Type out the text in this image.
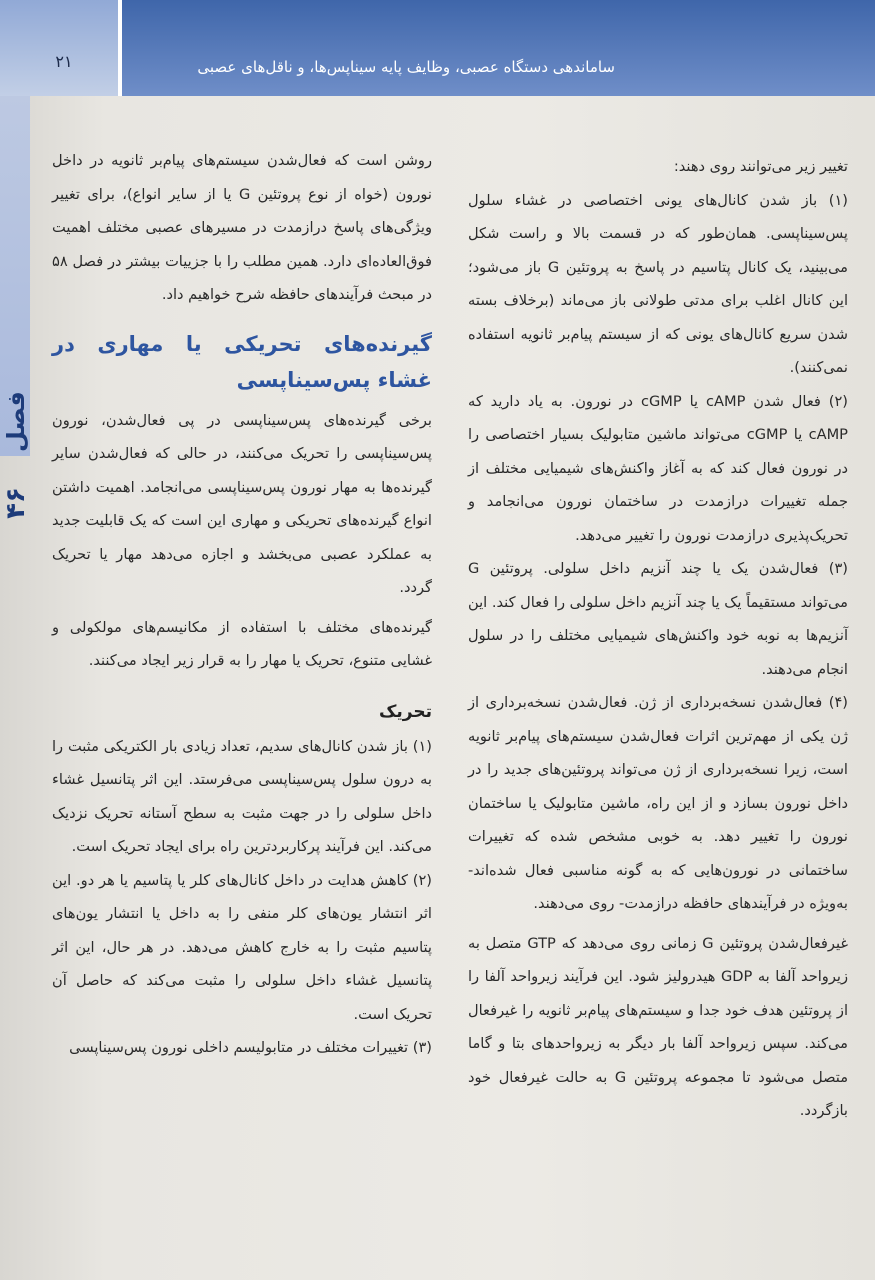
۲۱	ساماندهی دستگاه عصبی، وظایف پایه سیناپس‌ها، و ناقل‌های عصبی
فصل
۴۶

تغییر زیر می‌توانند روی دهند:

(۱) باز شدن کانال‌های یونی اختصاصی در غشاء سلول پس‌سیناپسی. همان‌طور که در قسمت بالا و راست شکل می‌بینید، یک کانال پتاسیم در پاسخ به پروتئین G باز می‌شود؛ این کانال اغلب برای مدتی طولانی باز می‌ماند (برخلاف بسته شدن سریع کانال‌های یونی که از سیستم پیام‌بر ثانویه استفاده نمی‌کنند).

(۲) فعال شدن cAMP یا cGMP در نورون. به یاد دارید که cAMP یا cGMP می‌تواند ماشین متابولیک بسیار اختصاصی را در نورون فعال کند که به آغاز واکنش‌های شیمیایی مختلف از جمله تغییرات درازمدت در ساختمان نورون می‌انجامد و تحریک‌پذیری درازمدت نورون را تغییر می‌دهد.

(۳) فعال‌شدن یک یا چند آنزیم داخل سلولی. پروتئین G می‌تواند مستقیماً یک یا چند آنزیم داخل سلولی را فعال کند. این آنزیم‌ها به نوبه خود واکنش‌های شیمیایی مختلف را در سلول انجام می‌دهند.

(۴) فعال‌شدن نسخه‌برداری از ژن. فعال‌شدن نسخه‌برداری از ژن یکی از مهم‌ترین اثرات فعال‌شدن سیستم‌های پیام‌بر ثانویه است، زیرا نسخه‌برداری از ژن می‌تواند پروتئین‌های جدید را در داخل نورون بسازد و از این راه، ماشین متابولیک یا ساختمان نورون را تغییر دهد. به خوبی مشخص شده که تغییرات ساختمانی در نورون‌هایی که به گونه مناسبی فعال شده‌اند- به‌ویژه در فرآیندهای حافظه درازمدت- روی می‌دهند.

غیرفعال‌شدن پروتئین G زمانی روی می‌دهد که GTP متصل به زیرواحد آلفا به GDP هیدرولیز شود. این فرآیند زیرواحد آلفا را از پروتئین هدف خود جدا و سیستم‌های پیام‌بر ثانویه را غیرفعال می‌کند. سپس زیرواحد آلفا بار دیگر به زیرواحدهای بتا و گاما متصل می‌شود تا مجموعه پروتئین G به حالت غیرفعال خود بازگردد.

روشن است که فعال‌شدن سیستم‌های پیام‌بر ثانویه در داخل نورون (خواه از نوع پروتئین G یا از سایر انواع)، برای تغییر ویژگی‌های پاسخ درازمدت در مسیرهای عصبی مختلف اهمیت فوق‌العاده‌ای دارد. همین مطلب را با جزییات بیشتر در فصل ۵۸ در مبحث فرآیندهای حافظه شرح خواهیم داد.

گیرنده‌های تحریکی یا مهاری در غشاء پس‌سیناپسی

برخی گیرنده‌های پس‌سیناپسی در پی فعال‌شدن، نورون پس‌سیناپسی را تحریک می‌کنند، در حالی که فعال‌شدن سایر گیرنده‌ها به مهار نورون پس‌سیناپسی می‌انجامد. اهمیت داشتن انواع گیرنده‌های تحریکی و مهاری این است که یک قابلیت جدید به عملکرد عصبی می‌بخشد و اجازه می‌دهد مهار یا تحریک گردد.

گیرنده‌های مختلف با استفاده از مکانیسم‌های مولکولی و غشایی متنوع، تحریک یا مهار را به قرار زیر ایجاد می‌کنند.

تحریک

(۱) باز شدن کانال‌های سدیم، تعداد زیادی بار الکتریکی مثبت را به درون سلول پس‌سیناپسی می‌فرستد. این اثر پتانسیل غشاء داخل سلولی را در جهت مثبت به سطح آستانه تحریک نزدیک می‌کند. این فرآیند پرکاربردترین راه برای ایجاد تحریک است.

(۲) کاهش هدایت در داخل کانال‌های کلر یا پتاسیم یا هر دو. این اثر انتشار یون‌های کلر منفی را به داخل یا انتشار یون‌های پتاسیم مثبت را به خارج کاهش می‌دهد. در هر حال، این اثر پتانسیل غشاء داخل سلولی را مثبت می‌کند که حاصل آن تحریک است.

(۳) تغییرات مختلف در متابولیسم داخلی نورون پس‌سیناپسی
